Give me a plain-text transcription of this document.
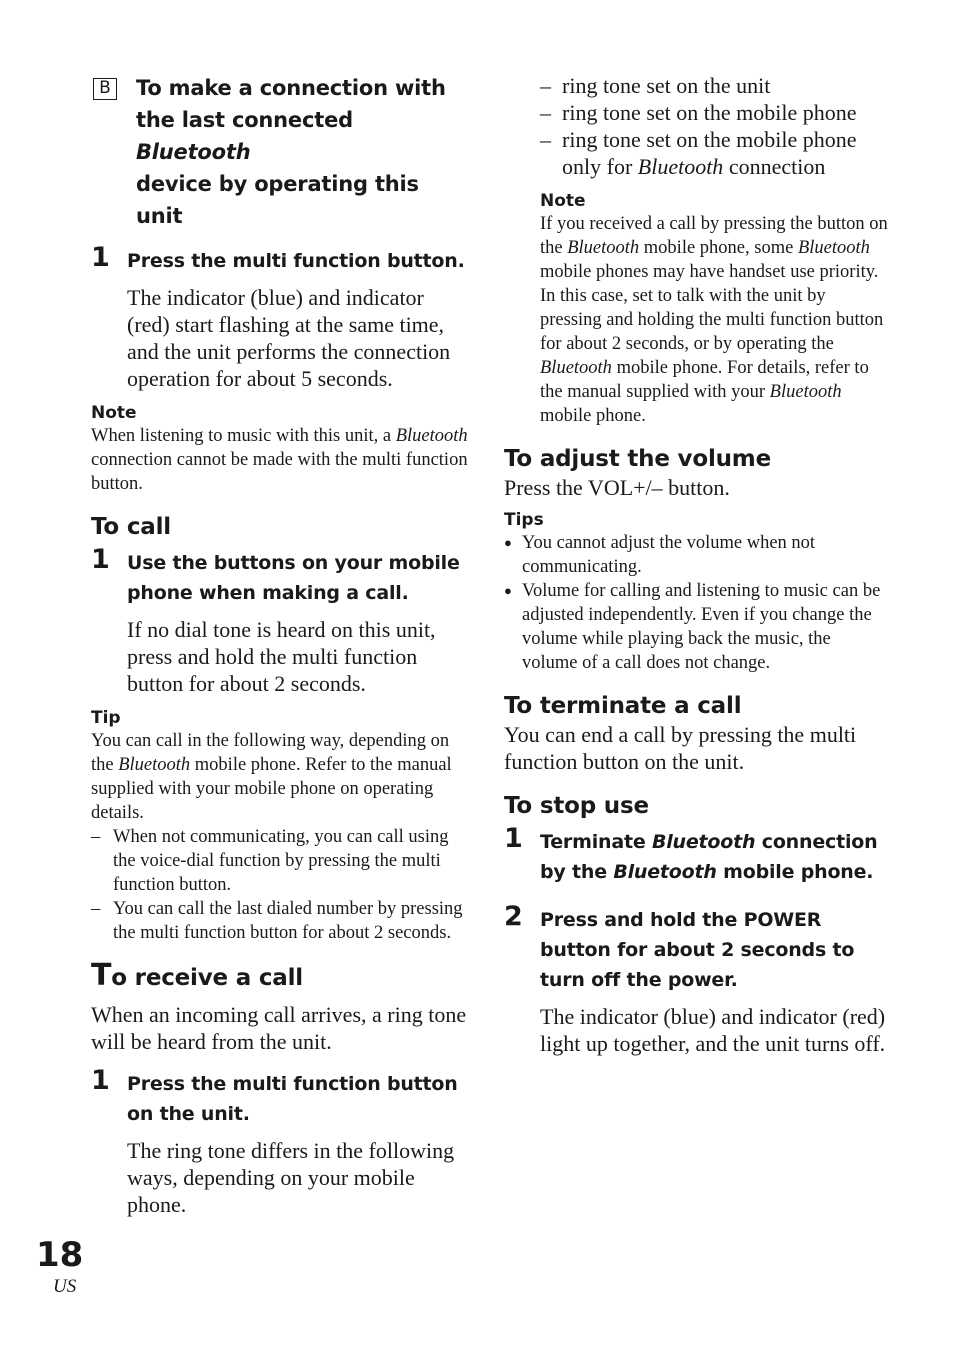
B To make a connection with
the last connected Bluetooth
device by operating this unit
1 Press the multi function button.
The indicator (blue) and indicator (red) start flashing at the same time, and the unit performs the connection operation for about 5 seconds.
Note
When listening to music with this unit, a Bluetooth connection cannot be made with the multi function button.
To call
1 Use the buttons on your mobile phone when making a call.
If no dial tone is heard on this unit, press and hold the multi function button for about 2 seconds.
Tip
You can call in the following way, depending on the Bluetooth mobile phone. Refer to the manual supplied with your mobile phone on operating details.
– When not communicating, you can call using the voice-dial function by pressing the multi function button.
– You can call the last dialed number by pressing the multi function button for about 2 seconds.
To receive a call
When an incoming call arrives, a ring tone will be heard from the unit.
1 Press the multi function button on the unit.
The ring tone differs in the following ways, depending on your mobile phone.
– ring tone set on the unit
– ring tone set on the mobile phone
– ring tone set on the mobile phone only for Bluetooth connection
Note
If you received a call by pressing the button on the Bluetooth mobile phone, some Bluetooth mobile phones may have handset use priority. In this case, set to talk with the unit by pressing and holding the multi function button for about 2 seconds, or by operating the Bluetooth mobile phone. For details, refer to the manual supplied with your Bluetooth mobile phone.
To adjust the volume
Press the VOL+/– button.
Tips
● You cannot adjust the volume when not communicating.
● Volume for calling and listening to music can be adjusted independently. Even if you change the volume while playing back the music, the volume of a call does not change.
To terminate a call
You can end a call by pressing the multi function button on the unit.
To stop use
1 Terminate Bluetooth connection by the Bluetooth mobile phone.
2 Press and hold the POWER button for about 2 seconds to turn off the power.
The indicator (blue) and indicator (red) light up together, and the unit turns off.
18
US
